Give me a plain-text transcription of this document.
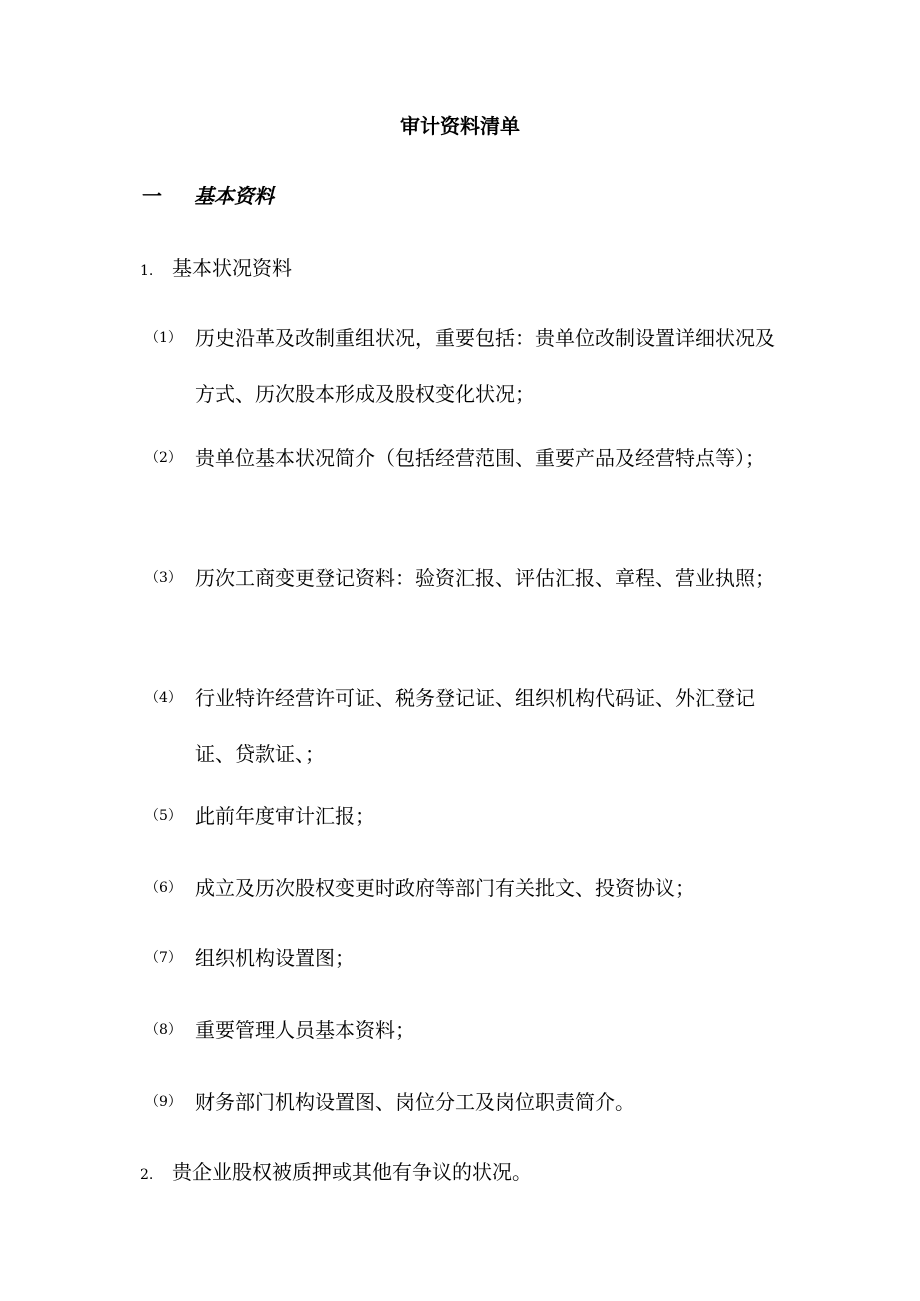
审计资料清单
一 基本资料
1. 基本状况资料
（1） 历史沿革及改制重组状况，重要包括：贵单位改制设置详细状况及方式、历次股本形成及股权变化状况；
（2） 贵单位基本状况简介（包括经营范围、重要产品及经营特点等）；
（3） 历次工商变更登记资料：验资汇报、评估汇报、章程、营业执照；
（4） 行业特许经营许可证、税务登记证、组织机构代码证、外汇登记证、贷款证、；
（5） 此前年度审计汇报；
（6） 成立及历次股权变更时政府等部门有关批文、投资协议；
（7） 组织机构设置图；
（8） 重要管理人员基本资料；
（9） 财务部门机构设置图、岗位分工及岗位职责简介。
2. 贵企业股权被质押或其他有争议的状况。
